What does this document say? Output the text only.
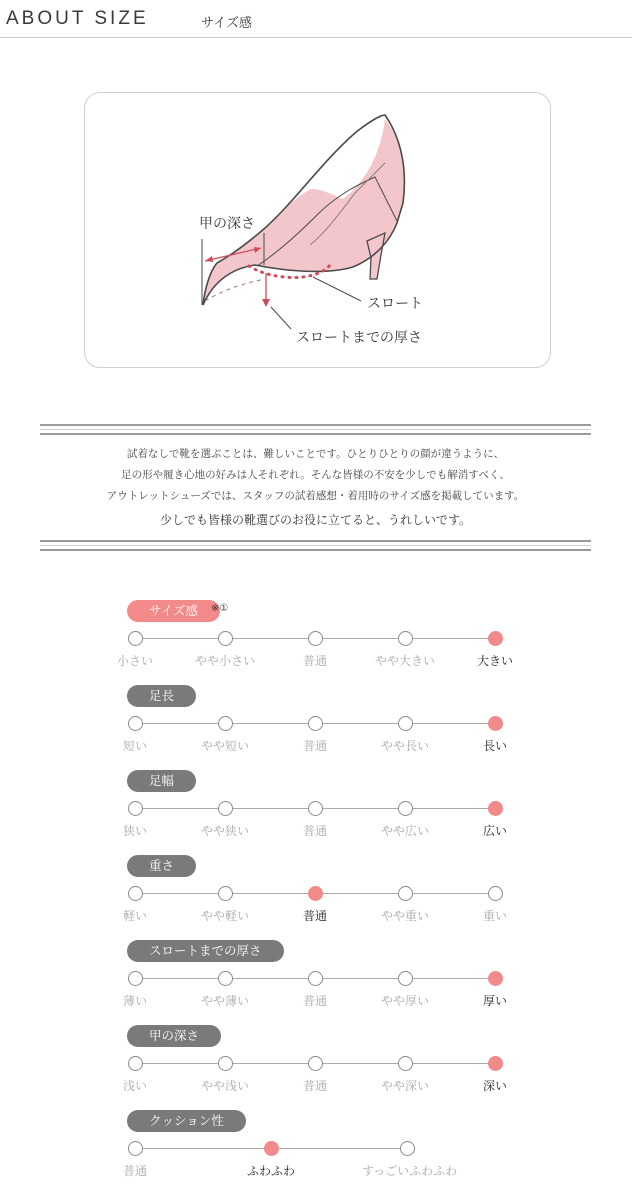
ABOUT SIZE	サイズ感
甲の深さ
スロート
スロートまでの厚さ

試着なしで靴を選ぶことは、難しいことです。ひとりひとりの顔が違うように、

足の形や履き心地の好みは人それぞれ。そんな皆様の不安を少しでも解消すべく、

アウトレットシューズでは、スタッフの試着感想・着用時のサイズ感を掲載しています。

少しでも皆様の靴選びのお役に立てると、うれしいです。

サイズ感	※①
小さい	やや小さい	普通	やや大きい	大きい
足長
短い	やや短い	普通	やや長い	長い
足幅
狭い	やや狭い	普通	やや広い	広い
重さ
軽い	やや軽い	普通	やや重い	重い
スロートまでの厚さ
薄い	やや薄い	普通	やや厚い	厚い
甲の深さ
浅い	やや浅い	普通	やや深い	深い
クッション性
普通	ふわふわ	すっごいふわふわ
